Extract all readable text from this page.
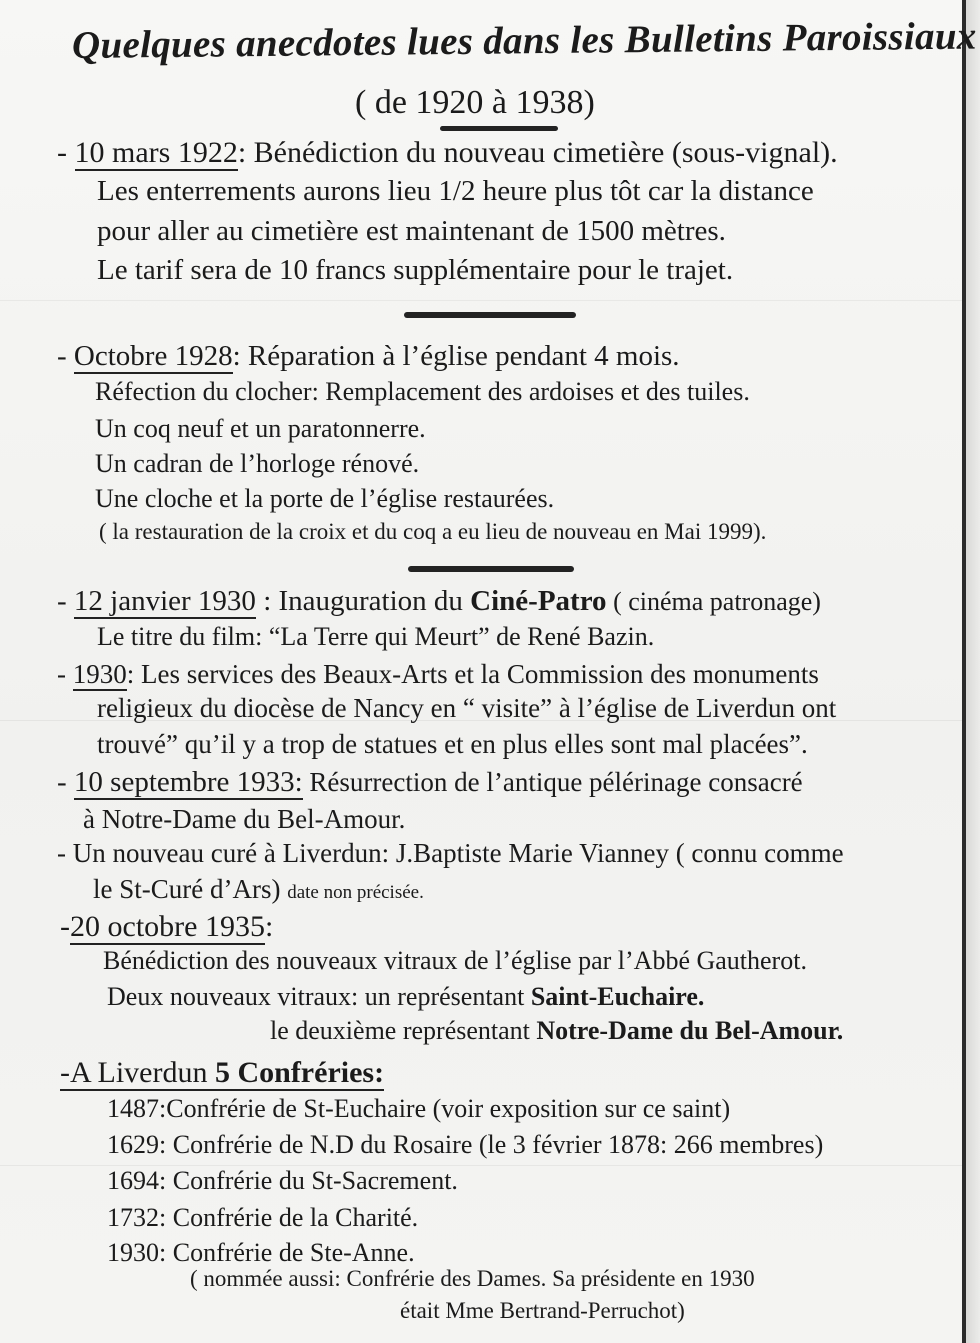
Quelques anecdotes lues dans les Bulletins Paroissiaux
( de 1920 à 1938)
- 10 mars 1922: Bénédiction du nouveau cimetière (sous-vignal).
Les enterrements aurons lieu 1/2 heure plus tôt car la distance
pour aller au cimetière est maintenant de 1500 mètres.
Le tarif sera de 10 francs supplémentaire pour le trajet.
- Octobre 1928: Réparation à l’église pendant 4 mois.
Réfection du clocher: Remplacement des ardoises et des tuiles.
Un coq neuf et un paratonnerre.
Un cadran de l’horloge rénové.
Une cloche et la porte de l’église restaurées.
( la restauration de la croix et du coq a eu lieu de nouveau en Mai 1999).
- 12 janvier 1930 : Inauguration du Ciné-Patro ( cinéma patronage)
Le titre du film: “La Terre qui Meurt” de René Bazin.
- 1930: Les services des Beaux-Arts et la Commission des monuments
religieux du diocèse de Nancy en “ visite” à l’église de Liverdun ont
trouvé” qu’il y a trop de statues et en plus elles sont mal placées”.
- 10 septembre 1933: Résurrection de l’antique pélérinage consacré
à Notre-Dame du Bel-Amour.
- Un nouveau curé à Liverdun: J.Baptiste Marie Vianney ( connu comme
le St-Curé d’Ars) date non précisée.
-20 octobre 1935:
Bénédiction des nouveaux vitraux de l’église par l’Abbé Gautherot.
Deux nouveaux vitraux: un représentant Saint-Euchaire.
le deuxième représentant Notre-Dame du Bel-Amour.
-A Liverdun 5 Confréries:
1487:Confrérie de St-Euchaire (voir exposition sur ce saint)
1629: Confrérie de N.D du Rosaire (le 3 février 1878: 266 membres)
1694: Confrérie du St-Sacrement.
1732: Confrérie de la Charité.
1930: Confrérie de Ste-Anne.
( nommée aussi: Confrérie des Dames. Sa présidente en 1930
était Mme Bertrand-Perruchot)
